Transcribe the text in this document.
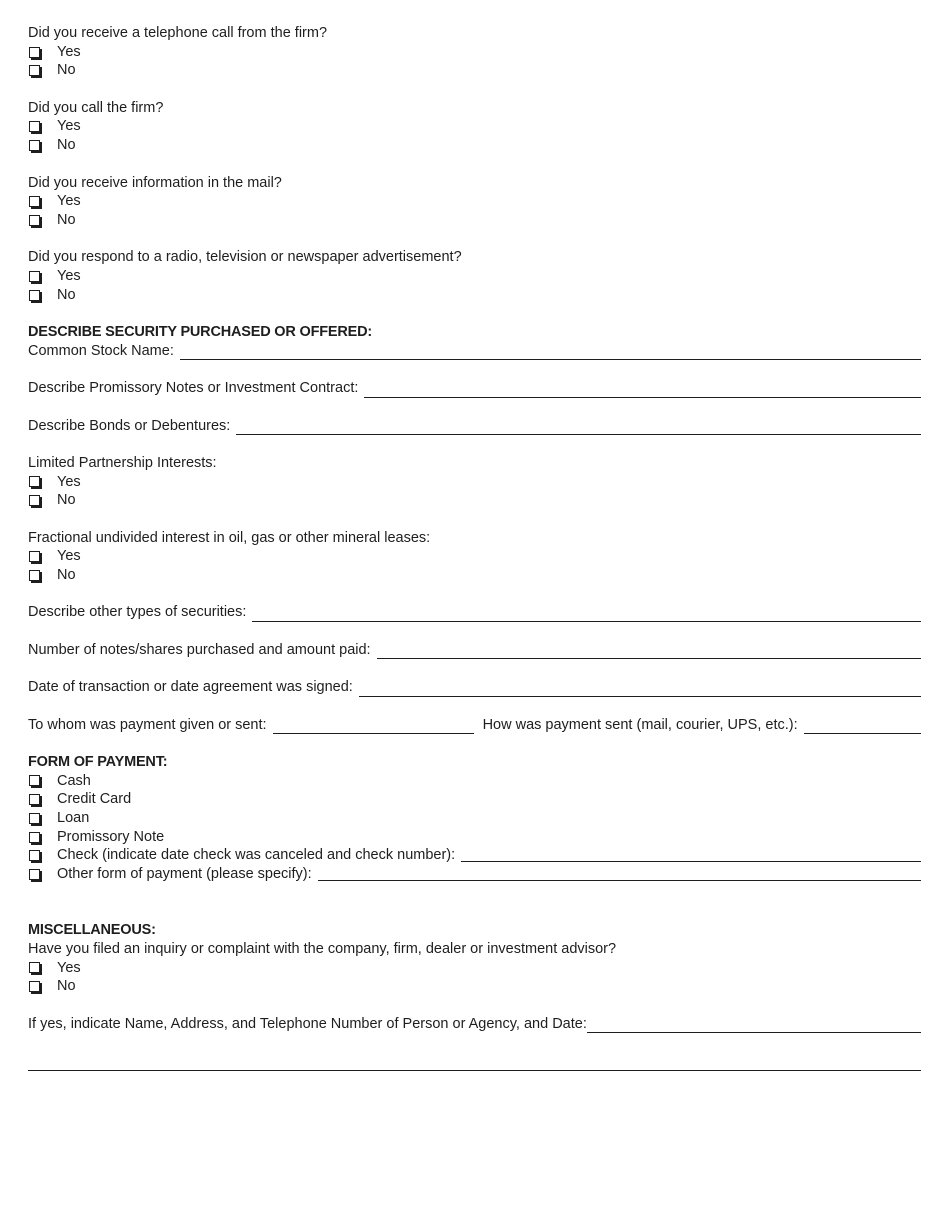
Did you receive a telephone call from the firm?
Yes
No
Did you call the firm?
Yes
No
Did you receive information in the mail?
Yes
No
Did you respond to a radio, television or newspaper advertisement?
Yes
No
DESCRIBE SECURITY PURCHASED OR OFFERED:
Common Stock Name:
Describe Promissory Notes or Investment Contract:
Describe Bonds or Debentures:
Limited Partnership Interests:
Yes
No
Fractional undivided interest in oil, gas or other mineral leases:
Yes
No
Describe other types of securities:
Number of notes/shares purchased and amount paid:
Date of transaction or date agreement was signed:
To whom was payment given or sent:	How was payment sent (mail, courier, UPS, etc.):
FORM OF PAYMENT:
Cash
Credit Card
Loan
Promissory Note
Check (indicate date check was canceled and check number):
Other form of payment (please specify):
MISCELLANEOUS:
Have you filed an inquiry or complaint with the company, firm, dealer or investment advisor?
Yes
No
If yes, indicate Name, Address, and Telephone Number of Person or Agency, and Date:
